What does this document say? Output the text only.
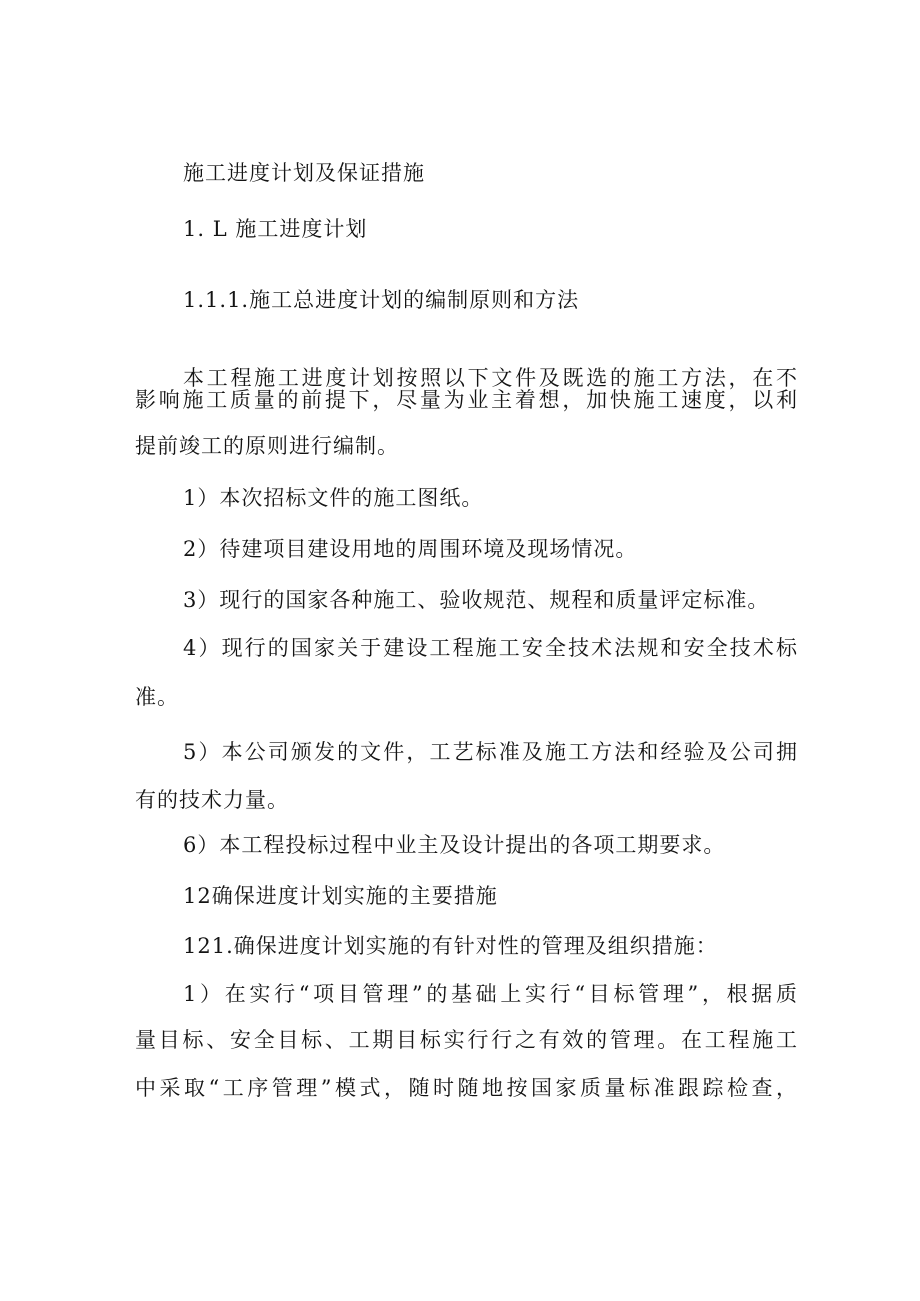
施工进度计划及保证措施

1. L 施工进度计划

1.1.1.施工总进度计划的编制原则和方法

本工程施工进度计划按照以下文件及既选的施工方法，在不

影响施工质量的前提下，尽量为业主着想，加快施工速度，以利

提前竣工的原则进行编制。

1）本次招标文件的施工图纸。

2）待建项目建设用地的周围环境及现场情况。

3）现行的国家各种施工、验收规范、规程和质量评定标准。

4）现行的国家关于建设工程施工安全技术法规和安全技术标

准。

5）本公司颁发的文件，工艺标准及施工方法和经验及公司拥

有的技术力量。

6）本工程投标过程中业主及设计提出的各项工期要求。

12确保进度计划实施的主要措施

121.确保进度计划实施的有针对性的管理及组织措施：

1）在实行“项目管理”的基础上实行“目标管理”，根据质

量目标、安全目标、工期目标实行行之有效的管理。在工程施工

中采取“工序管理”模式，随时随地按国家质量标准跟踪检查，
